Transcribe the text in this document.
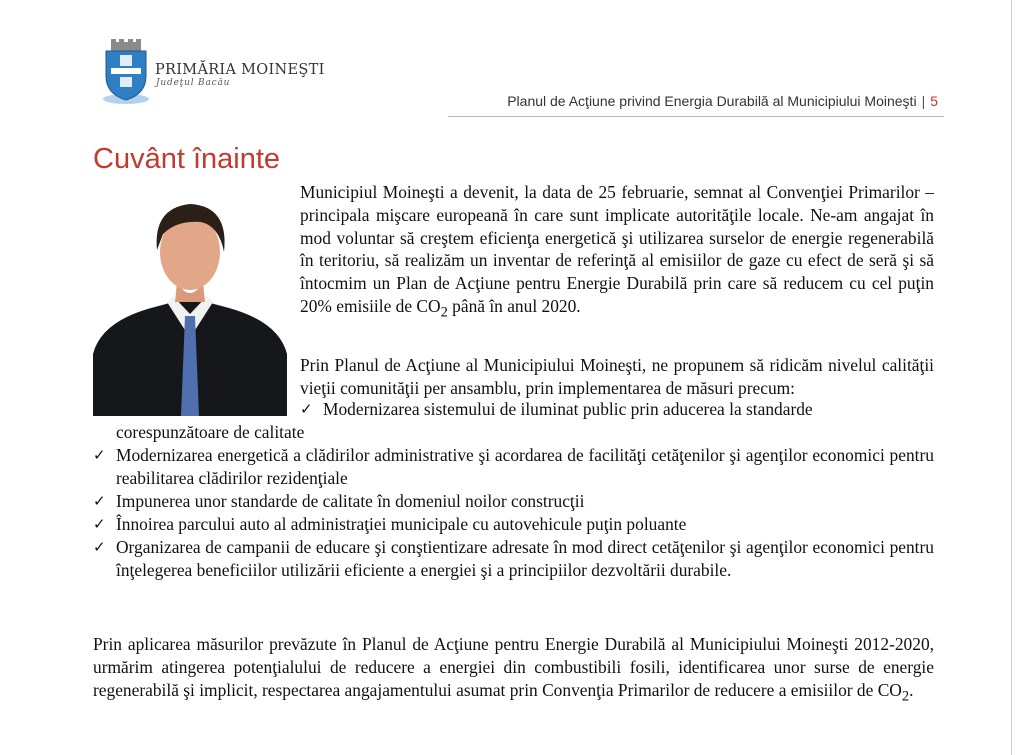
PRIMĂRIA MOINEŞTI
Judeţul Bacău
Planul de Acţiune privind Energia Durabilă al Municipiului Moineşti | 5
Cuvânt înainte

Municipiul Moineşti a devenit, la data de 25 februarie, semnat al Convenţiei Primarilor – principala mişcare europeană în care sunt implicate autorităţile locale. Ne-am angajat în mod voluntar să creştem eficienţa energetică şi utilizarea surselor de energie regenerabilă în teritoriu, să realizăm un inventar de referinţă al emisiilor de gaze cu efect de seră şi să întocmim un Plan de Acţiune pentru Energie Durabilă prin care să reducem cu cel puţin 20% emisiile de $CO_2$ până în anul 2020.

Prin Planul de Acţiune al Municipiului Moineşti, ne propunem să ridicăm nivelul calităţii vieţii comunităţii per ansamblu, prin implementarea de măsuri precum:

✓ Modernizarea sistemului de iluminat public prin aducerea la standarde
corespunzătoare de calitate
✓ Modernizarea energetică a clădirilor administrative şi acordarea de facilităţi cetăţenilor şi agenţilor economici pentru reabilitarea clădirilor rezidenţiale
✓ Impunerea unor standarde de calitate în domeniul noilor construcţii
✓ Înnoirea parcului auto al administraţiei municipale cu autovehicule puţin poluante
✓ Organizarea de campanii de educare şi conştientizare adresate în mod direct cetăţenilor şi agenţilor economici pentru înţelegerea beneficiilor utilizării eficiente a energiei şi a principiilor dezvoltării durabile.

Prin aplicarea măsurilor prevăzute în Planul de Acţiune pentru Energie Durabilă al Municipiului Moineşti 2012-2020, urmărim atingerea potenţialului de reducere a energiei din combustibili fosili, identificarea unor surse de energie regenerabilă şi implicit, respectarea angajamentului asumat prin Convenţia Primarilor de reducere a emisiilor de $CO_2$.
